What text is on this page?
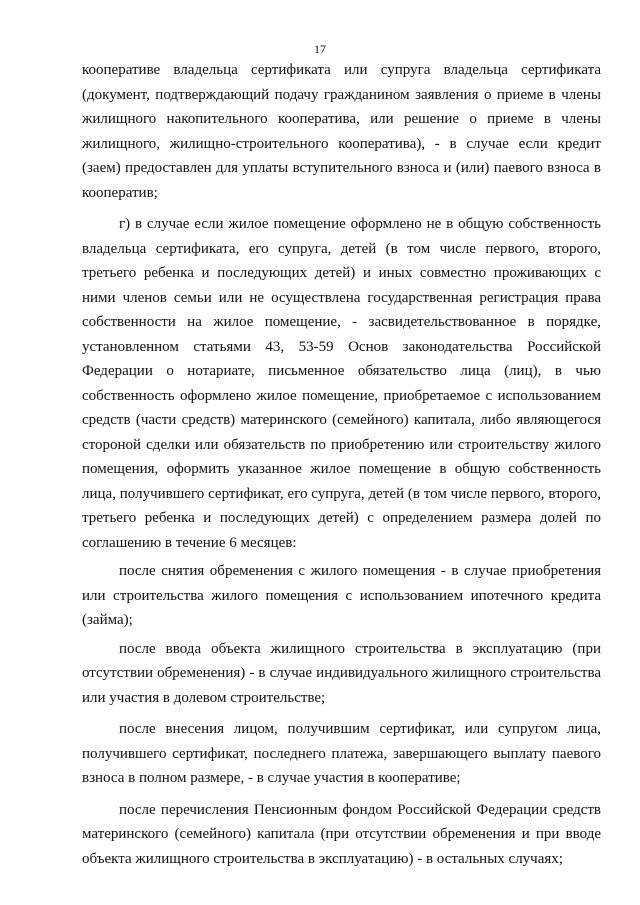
17

кооперативе владельца сертификата или супруга владельца сертификата (документ, подтверждающий подачу гражданином заявления о приеме в члены жилищного накопительного кооператива, или решение о приеме в члены жилищного, жилищно-строительного кооператива), - в случае если кредит (заем) предоставлен для уплаты вступительного взноса и (или) паевого взноса в кооператив;

г) в случае если жилое помещение оформлено не в общую собственность владельца сертификата, его супруга, детей (в том числе первого, второго, третьего ребенка и последующих детей) и иных совместно проживающих с ними членов семьи или не осуществлена государственная регистрация права собственности на жилое помещение, - засвидетельствованное в порядке, установленном статьями 43, 53-59 Основ законодательства Российской Федерации о нотариате, письменное обязательство лица (лиц), в чью собственность оформлено жилое помещение, приобретаемое с использованием средств (части средств) материнского (семейного) капитала, либо являющегося стороной сделки или обязательств по приобретению или строительству жилого помещения, оформить указанное жилое помещение в общую собственность лица, получившего сертификат, его супруга, детей (в том числе первого, второго, третьего ребенка и последующих детей) с определением размера долей по соглашению в течение 6 месяцев:

после снятия обременения с жилого помещения - в случае приобретения или строительства жилого помещения с использованием ипотечного кредита (займа);

после ввода объекта жилищного строительства в эксплуатацию (при отсутствии обременения) - в случае индивидуального жилищного строительства или участия в долевом строительстве;

после внесения лицом, получившим сертификат, или супругом лица, получившего сертификат, последнего платежа, завершающего выплату паевого взноса в полном размере, - в случае участия в кооперативе;

после перечисления Пенсионным фондом Российской Федерации средств материнского (семейного) капитала (при отсутствии обременения и при вводе объекта жилищного строительства в эксплуатацию) - в остальных случаях;
